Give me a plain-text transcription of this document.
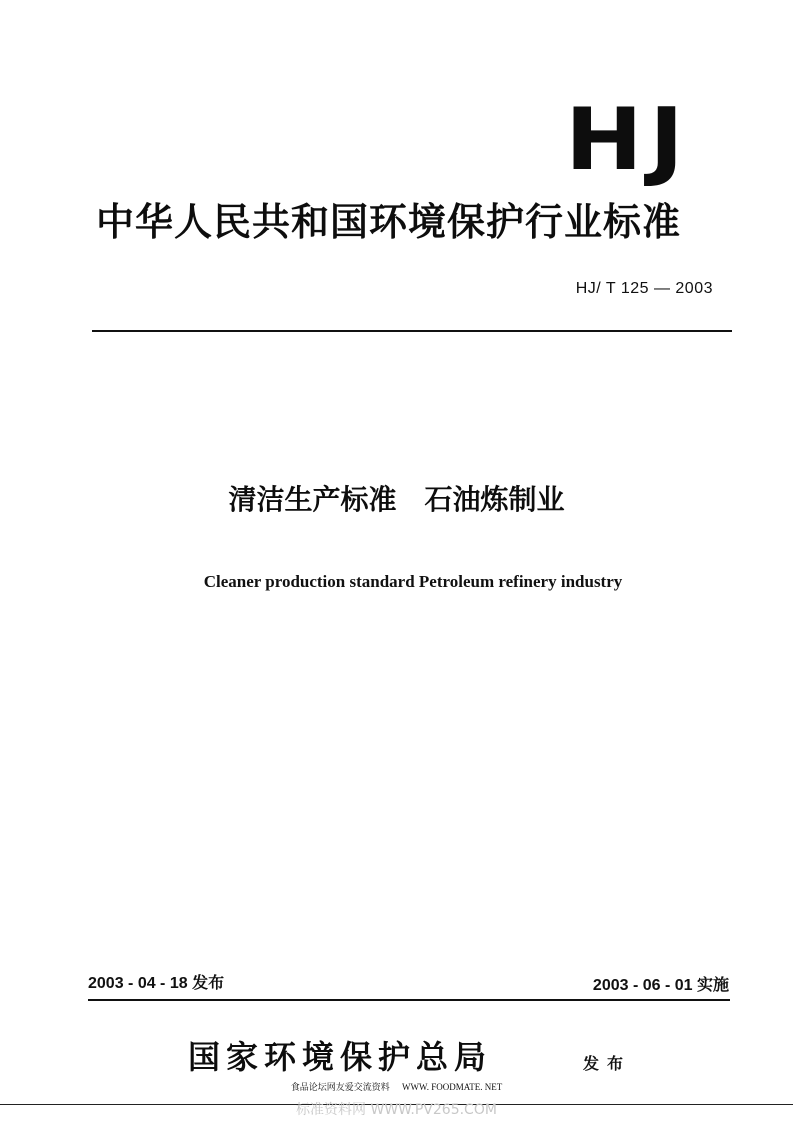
HJ
中华人民共和国环境保护行业标准
HJ/ T 125 — 2003
清洁生产标准　石油炼制业
Cleaner production standard Petroleum refinery industry
2003 - 04 - 18 发布	2003 - 06 - 01 实施
国家环境保护总局	发布
食品论坛网友爱交流资料 WWW. FOODMATE. NET
标准资料网 WWW.PV265.COM
